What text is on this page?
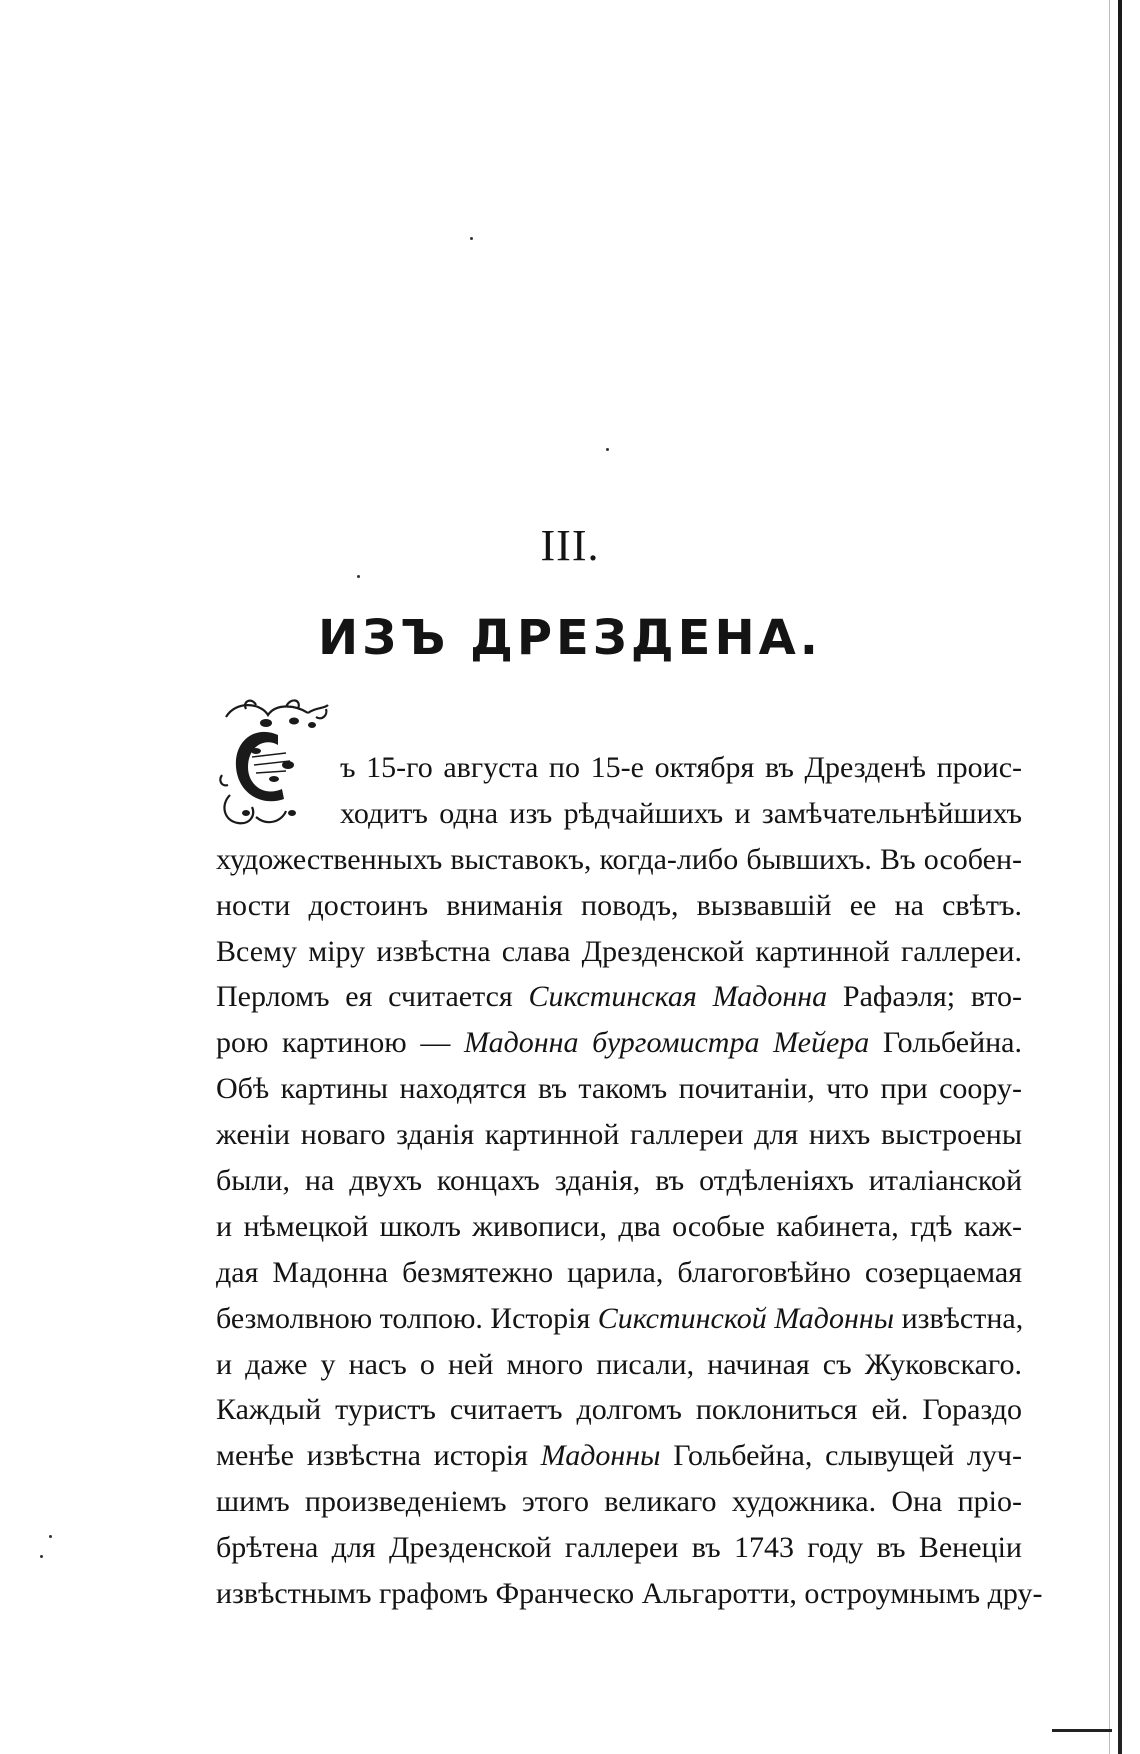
III.
ИЗЪ ДРЕЗДЕНА.
ъ 15-го августа по 15-е октября въ Дрезденѣ проис-
ходитъ одна изъ рѣдчайшихъ и замѣчательнѣйшихъ
художественныхъ выставокъ, когда-либо бывшихъ. Въ особен-
ности достоинъ вниманія поводъ, вызвавшій ее на свѣтъ.
Всему міру извѣстна слава Дрезденской картинной галлереи.
Перломъ ея считается Сикстинская Мадонна Рафаэля; вто-
рою картиною — Мадонна бургомистра Мейера Гольбейна.
Обѣ картины находятся въ такомъ почитаніи, что при соору-
женіи новаго зданія картинной галлереи для нихъ выстроены
были, на двухъ концахъ зданія, въ отдѣленіяхъ италіанской
и нѣмецкой школъ живописи, два особые кабинета, гдѣ каж-
дая Мадонна безмятежно царила, благоговѣйно созерцаемая
безмолвною толпою. Исторія Сикстинской Мадонны извѣстна,
и даже у насъ о ней много писали, начиная съ Жуковскаго.
Каждый туристъ считаетъ долгомъ поклониться ей. Гораздо
менѣе извѣстна исторія Мадонны Гольбейна, слывущей луч-
шимъ произведеніемъ этого великаго художника. Она пріо-
брѣтена для Дрезденской галлереи въ 1743 году въ Венеціи
извѣстнымъ графомъ Франческо Альгаротти, остроумнымъ дру-
